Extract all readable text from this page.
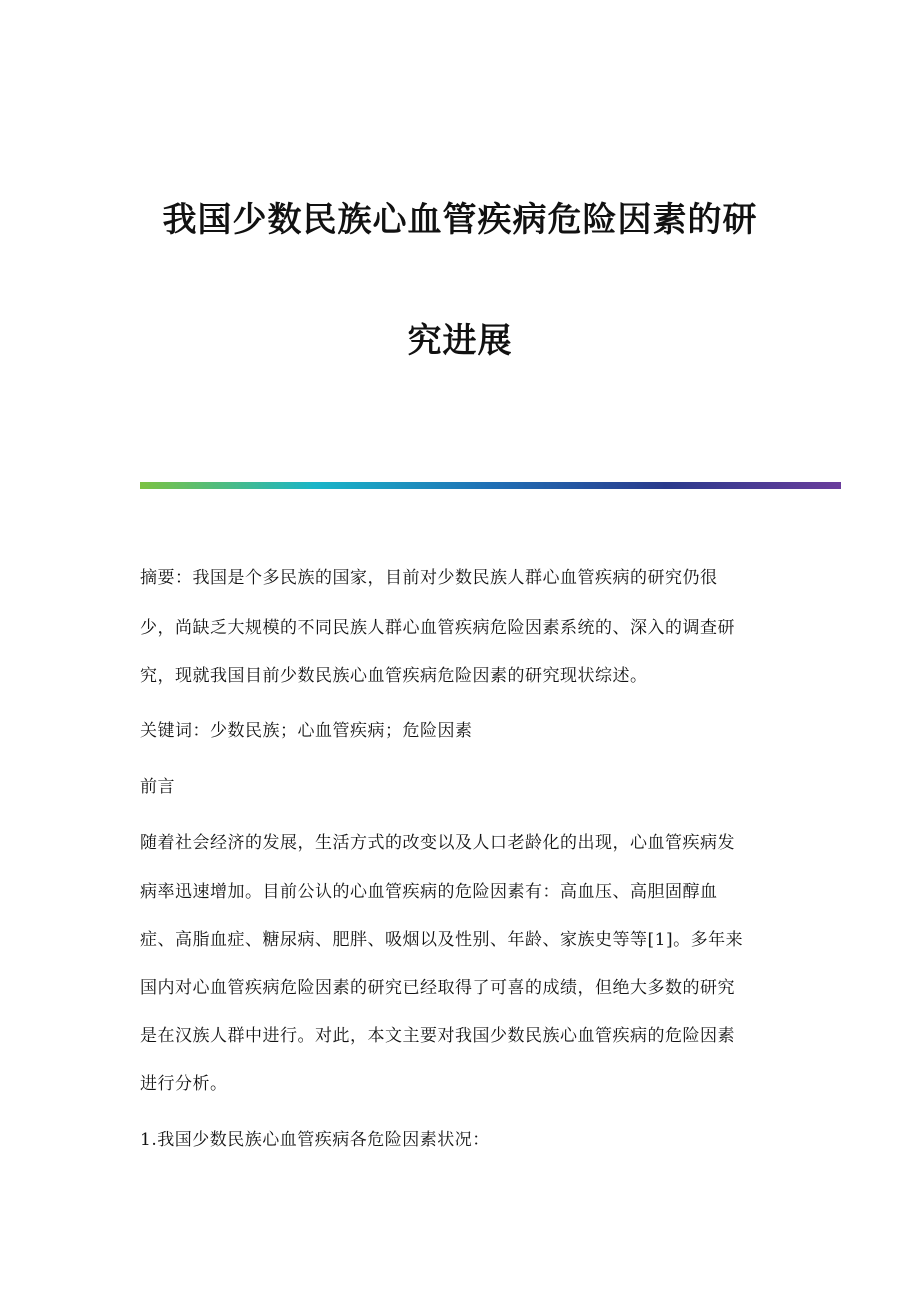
我国少数民族心血管疾病危险因素的研
究进展
摘要：我国是个多民族的国家，目前对少数民族人群心血管疾病的研究仍很
少，尚缺乏大规模的不同民族人群心血管疾病危险因素系统的、深入的调查研
究，现就我国目前少数民族心血管疾病危险因素的研究现状综述。
关键词：少数民族；心血管疾病；危险因素
前言
随着社会经济的发展，生活方式的改变以及人口老龄化的出现，心血管疾病发
病率迅速增加。目前公认的心血管疾病的危险因素有：高血压、高胆固醇血
症、高脂血症、糖尿病、肥胖、吸烟以及性别、年龄、家族史等等[1]。多年来
国内对心血管疾病危险因素的研究已经取得了可喜的成绩，但绝大多数的研究
是在汉族人群中进行。对此，本文主要对我国少数民族心血管疾病的危险因素
进行分析。
1.我国少数民族心血管疾病各危险因素状况：
